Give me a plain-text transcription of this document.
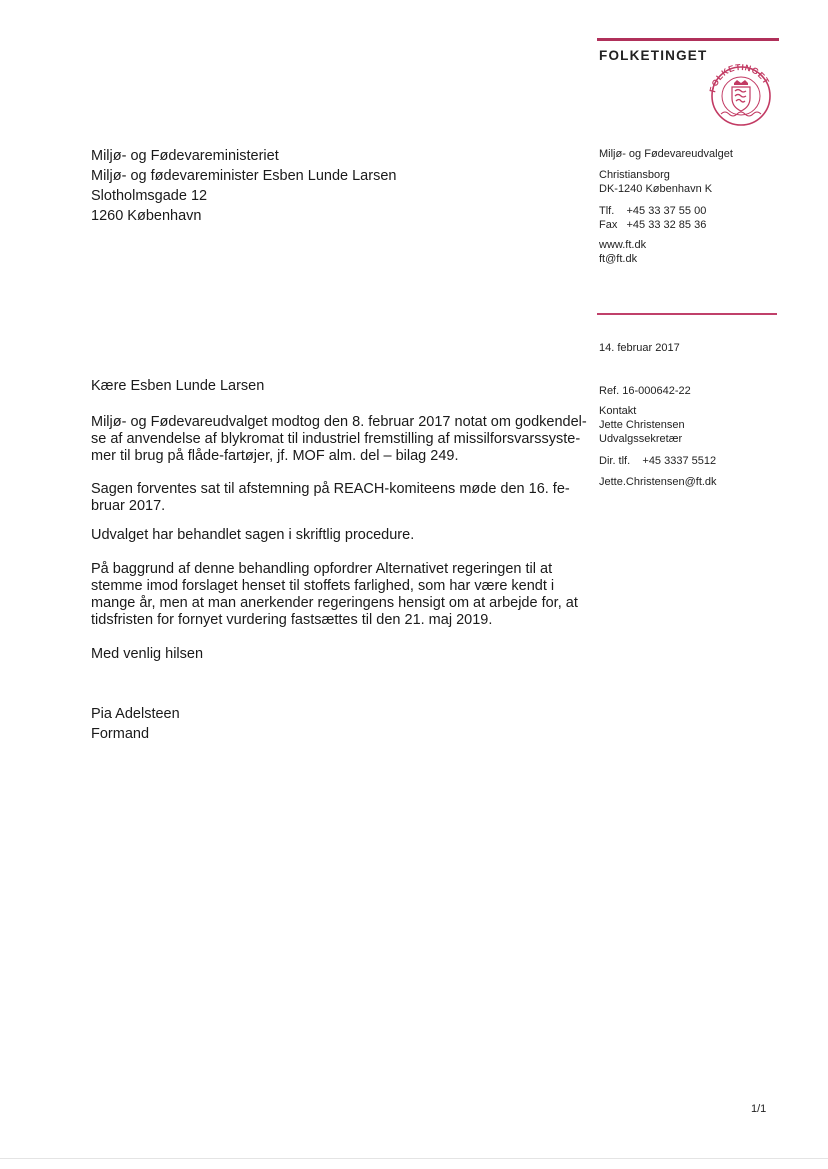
FOLKETINGET
FOLKETINGET
Miljø- og Fødevareministeriet
Miljø- og fødevareminister Esben Lunde Larsen
Slotholmsgade 12
1260 København
Miljø- og Fødevareudvalget
Christiansborg
DK-1240 København K
Tlf.    +45 33 37 55 00
Fax   +45 33 32 85 36
www.ft.dk
ft@ft.dk
14. februar 2017
Ref. 16-000642-22
Kontakt
Jette Christensen
Udvalgssekretær
Dir. tlf.    +45 3337 5512
Jette.Christensen@ft.dk
Kære Esben Lunde Larsen
Miljø- og Fødevareudvalget modtog den 8. februar 2017 notat om godkendel-
se af anvendelse af blykromat til industriel fremstilling af missilforsvarssyste-
mer til brug på flåde-fartøjer, jf. MOF alm. del – bilag 249.
Sagen forventes sat til afstemning på REACH-komiteens møde den 16. fe-
bruar 2017.
Udvalget har behandlet sagen i skriftlig procedure.
På baggrund af denne behandling opfordrer Alternativet regeringen til at
stemme imod forslaget henset til stoffets farlighed, som har være kendt i
mange år, men at man anerkender regeringens hensigt om at arbejde for, at
tidsfristen for fornyet vurdering fastsættes til den 21. maj 2019.
Med venlig hilsen
Pia Adelsteen
Formand
1/1
